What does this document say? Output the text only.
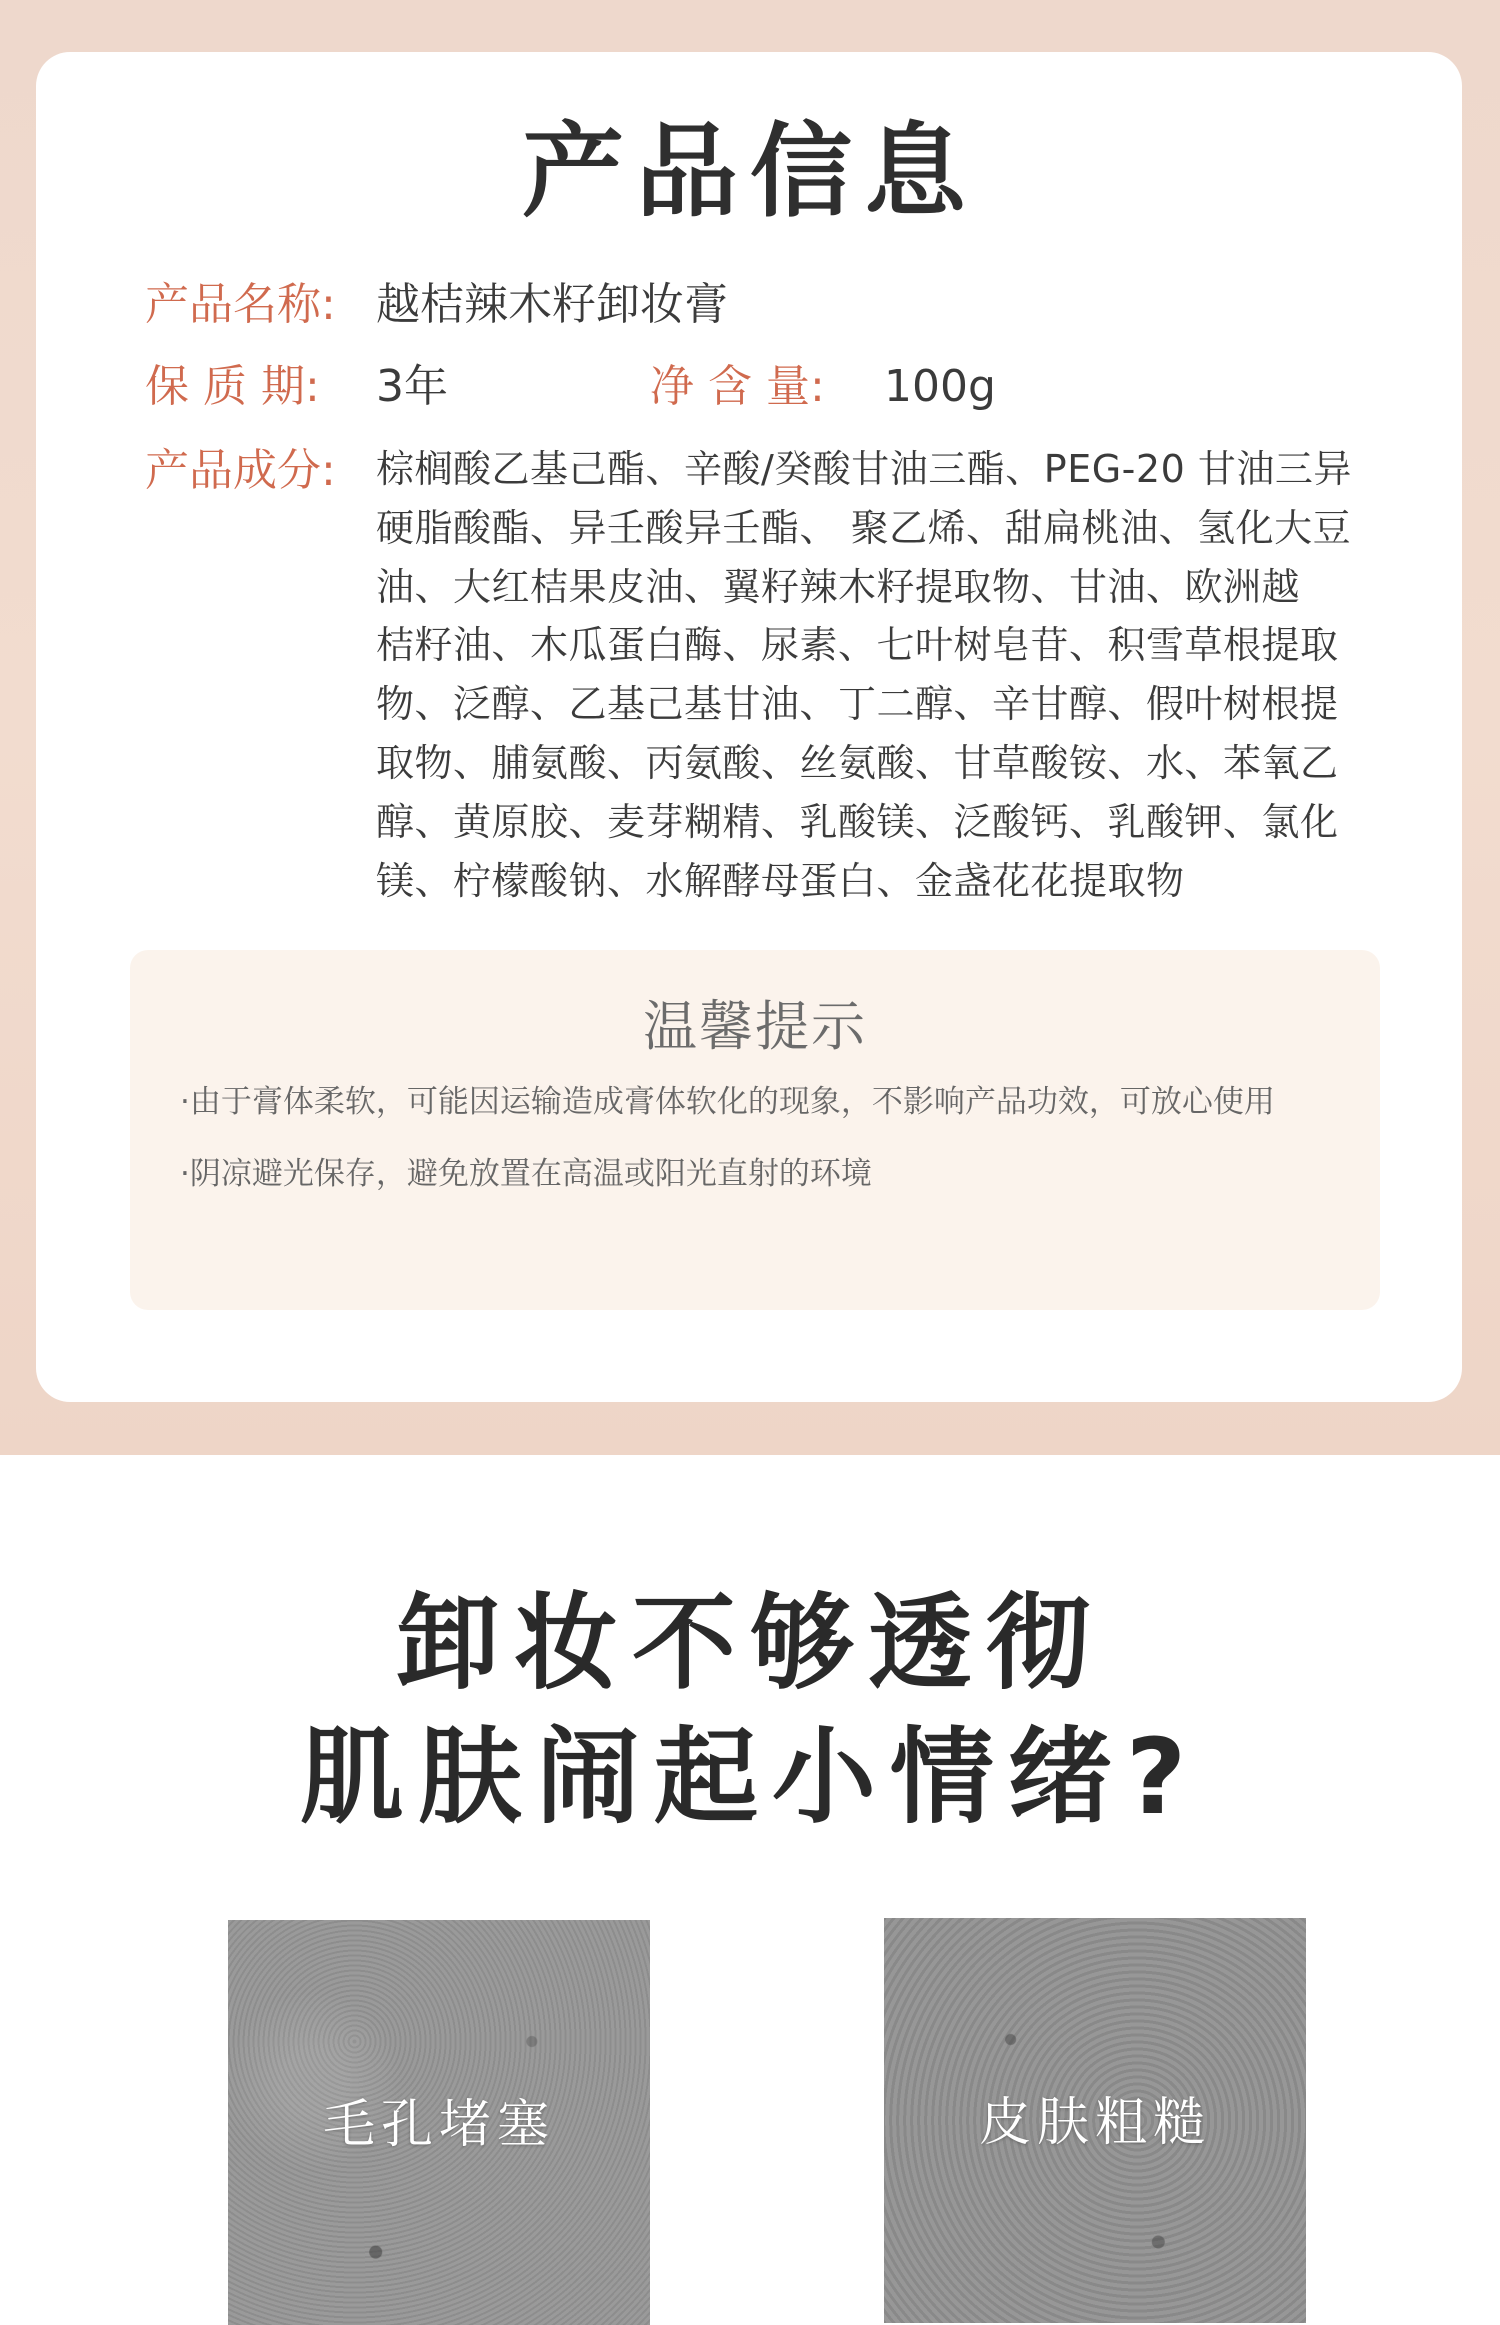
产品信息
产品名称: 越桔辣木籽卸妆膏
保 质 期: 3年	净 含 量: 100g
产品成分: 棕榈酸乙基己酯、辛酸/癸酸甘油三酯、PEG-20 甘油三异
硬脂酸酯、异壬酸异壬酯、 聚乙烯、甜扁桃油、氢化大豆
油、大红桔果皮油、翼籽辣木籽提取物、甘油、欧洲越
桔籽油、木瓜蛋白酶、尿素、七叶树皂苷、积雪草根提取
物、泛醇、乙基己基甘油、丁二醇、辛甘醇、假叶树根提
取物、脯氨酸、丙氨酸、丝氨酸、甘草酸铵、水、苯氧乙
醇、黄原胶、麦芽糊精、乳酸镁、泛酸钙、乳酸钾、氯化
镁、柠檬酸钠、水解酵母蛋白、金盏花花提取物
温馨提示
·由于膏体柔软，可能因运输造成膏体软化的现象，不影响产品功效，可放心使用
·阴凉避光保存，避免放置在高温或阳光直射的环境
卸妆不够透彻
肌肤闹起小情绪?
毛孔堵塞	皮肤粗糙
